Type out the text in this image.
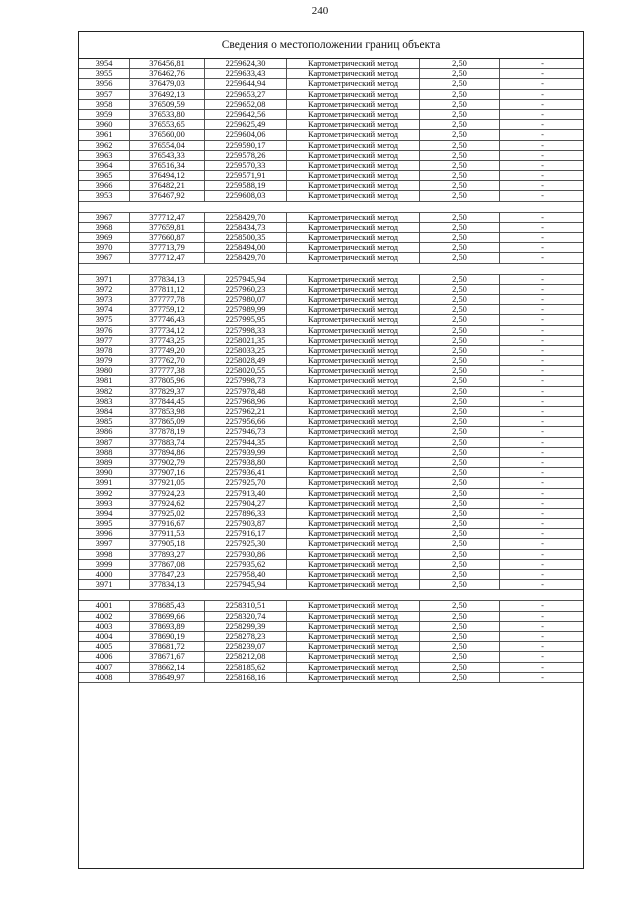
240
Сведения о местоположении границ объекта
3954	376456,81	2259624,30	Картометрический метод	2,50	-
3955	376462,76	2259633,43	Картометрический метод	2,50	-
3956	376479,03	2259644,94	Картометрический метод	2,50	-
3957	376492,13	2259653,27	Картометрический метод	2,50	-
3958	376509,59	2259652,08	Картометрический метод	2,50	-
3959	376533,80	2259642,56	Картометрический метод	2,50	-
3960	376553,65	2259625,49	Картометрический метод	2,50	-
3961	376560,00	2259604,06	Картометрический метод	2,50	-
3962	376554,04	2259590,17	Картометрический метод	2,50	-
3963	376543,33	2259578,26	Картометрический метод	2,50	-
3964	376516,34	2259570,33	Картометрический метод	2,50	-
3965	376494,12	2259571,91	Картометрический метод	2,50	-
3966	376482,21	2259588,19	Картометрический метод	2,50	-
3953	376467,92	2259608,03	Картометрический метод	2,50	-
3967	377712,47	2258429,70	Картометрический метод	2,50	-
3968	377659,81	2258434,73	Картометрический метод	2,50	-
3969	377660,87	2258500,35	Картометрический метод	2,50	-
3970	377713,79	2258494,00	Картометрический метод	2,50	-
3967	377712,47	2258429,70	Картометрический метод	2,50	-
3971	377834,13	2257945,94	Картометрический метод	2,50	-
3972	377811,12	2257960,23	Картометрический метод	2,50	-
3973	377777,78	2257980,07	Картометрический метод	2,50	-
3974	377759,12	2257989,99	Картометрический метод	2,50	-
3975	377746,43	2257995,95	Картометрический метод	2,50	-
3976	377734,12	2257998,33	Картометрический метод	2,50	-
3977	377743,25	2258021,35	Картометрический метод	2,50	-
3978	377749,20	2258033,25	Картометрический метод	2,50	-
3979	377762,70	2258028,49	Картометрический метод	2,50	-
3980	377777,38	2258020,55	Картометрический метод	2,50	-
3981	377805,96	2257998,73	Картометрический метод	2,50	-
3982	377829,37	2257978,48	Картометрический метод	2,50	-
3983	377844,45	2257968,96	Картометрический метод	2,50	-
3984	377853,98	2257962,21	Картометрический метод	2,50	-
3985	377865,09	2257956,66	Картометрический метод	2,50	-
3986	377878,19	2257946,73	Картометрический метод	2,50	-
3987	377883,74	2257944,35	Картометрический метод	2,50	-
3988	377894,86	2257939,99	Картометрический метод	2,50	-
3989	377902,79	2257938,80	Картометрический метод	2,50	-
3990	377907,16	2257936,41	Картометрический метод	2,50	-
3991	377921,05	2257925,70	Картометрический метод	2,50	-
3992	377924,23	2257913,40	Картометрический метод	2,50	-
3993	377924,62	2257904,27	Картометрический метод	2,50	-
3994	377925,02	2257896,33	Картометрический метод	2,50	-
3995	377916,67	2257903,87	Картометрический метод	2,50	-
3996	377911,53	2257916,17	Картометрический метод	2,50	-
3997	377905,18	2257925,30	Картометрический метод	2,50	-
3998	377893,27	2257930,86	Картометрический метод	2,50	-
3999	377867,08	2257935,62	Картометрический метод	2,50	-
4000	377847,23	2257958,40	Картометрический метод	2,50	-
3971	377834,13	2257945,94	Картометрический метод	2,50	-
4001	378685,43	2258310,51	Картометрический метод	2,50	-
4002	378699,66	2258320,74	Картометрический метод	2,50	-
4003	378693,89	2258299,39	Картометрический метод	2,50	-
4004	378690,19	2258278,23	Картометрический метод	2,50	-
4005	378681,72	2258239,07	Картометрический метод	2,50	-
4006	378671,67	2258212,08	Картометрический метод	2,50	-
4007	378662,14	2258185,62	Картометрический метод	2,50	-
4008	378649,97	2258168,16	Картометрический метод	2,50	-
